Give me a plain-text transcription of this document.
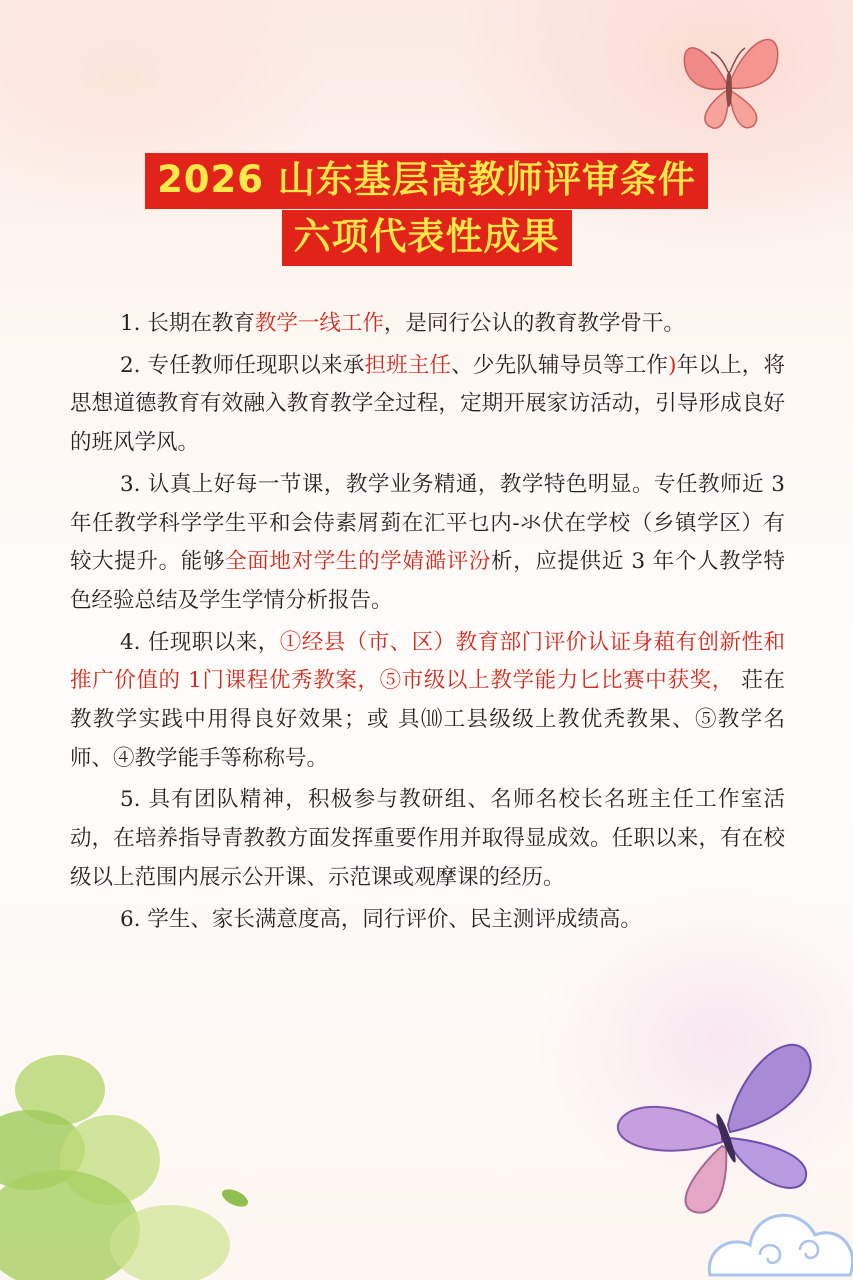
2026 山东基层高教师评审条件
六项代表性成果

1. 长期在教育教学一线工作，是同行公认的教育教学骨干。

2. 专任教师任现职以来承担班主任、少先队辅导员等工作)年以上，将思想道德教育有效融入教育教学全过程，定期开展家访活动，引导形成良好的班风学风。

3. 认真上好每一节课，教学业务精通，教学特色明显。专任教师近 3 年任教学科学学生平和会侍素屑菿在汇平乜内-氺伏在学校（乡镇学区）有较大提升。能够全面地对学生的学婧澔评汾析，应提供近 3 年个人教学特色经验总结及学生学情分析报告。

4. 任现职以来，①经县（市、区）教育部门评价认证⾝蒩有创新性和推广价值的 1门课程优秀教案，⑤市级以上教学能力⼔比赛中获奖， 荘在教教学实践中用得良好效果；或 具⑽⼯县级级上教优秃教果、⑤教学名师、④教学能手等称称号。

5. 具有团队精神，积极参与教研组、名师名校长名班主任工作室活动，在培养指导青教教方面发挥重要作用并取得显成效。任职以来，有在校级以上范围内展示公开课、示范课或观摩课的经历。

6. 学生、家长满意度高，同行评价、民主测评成绩高。
